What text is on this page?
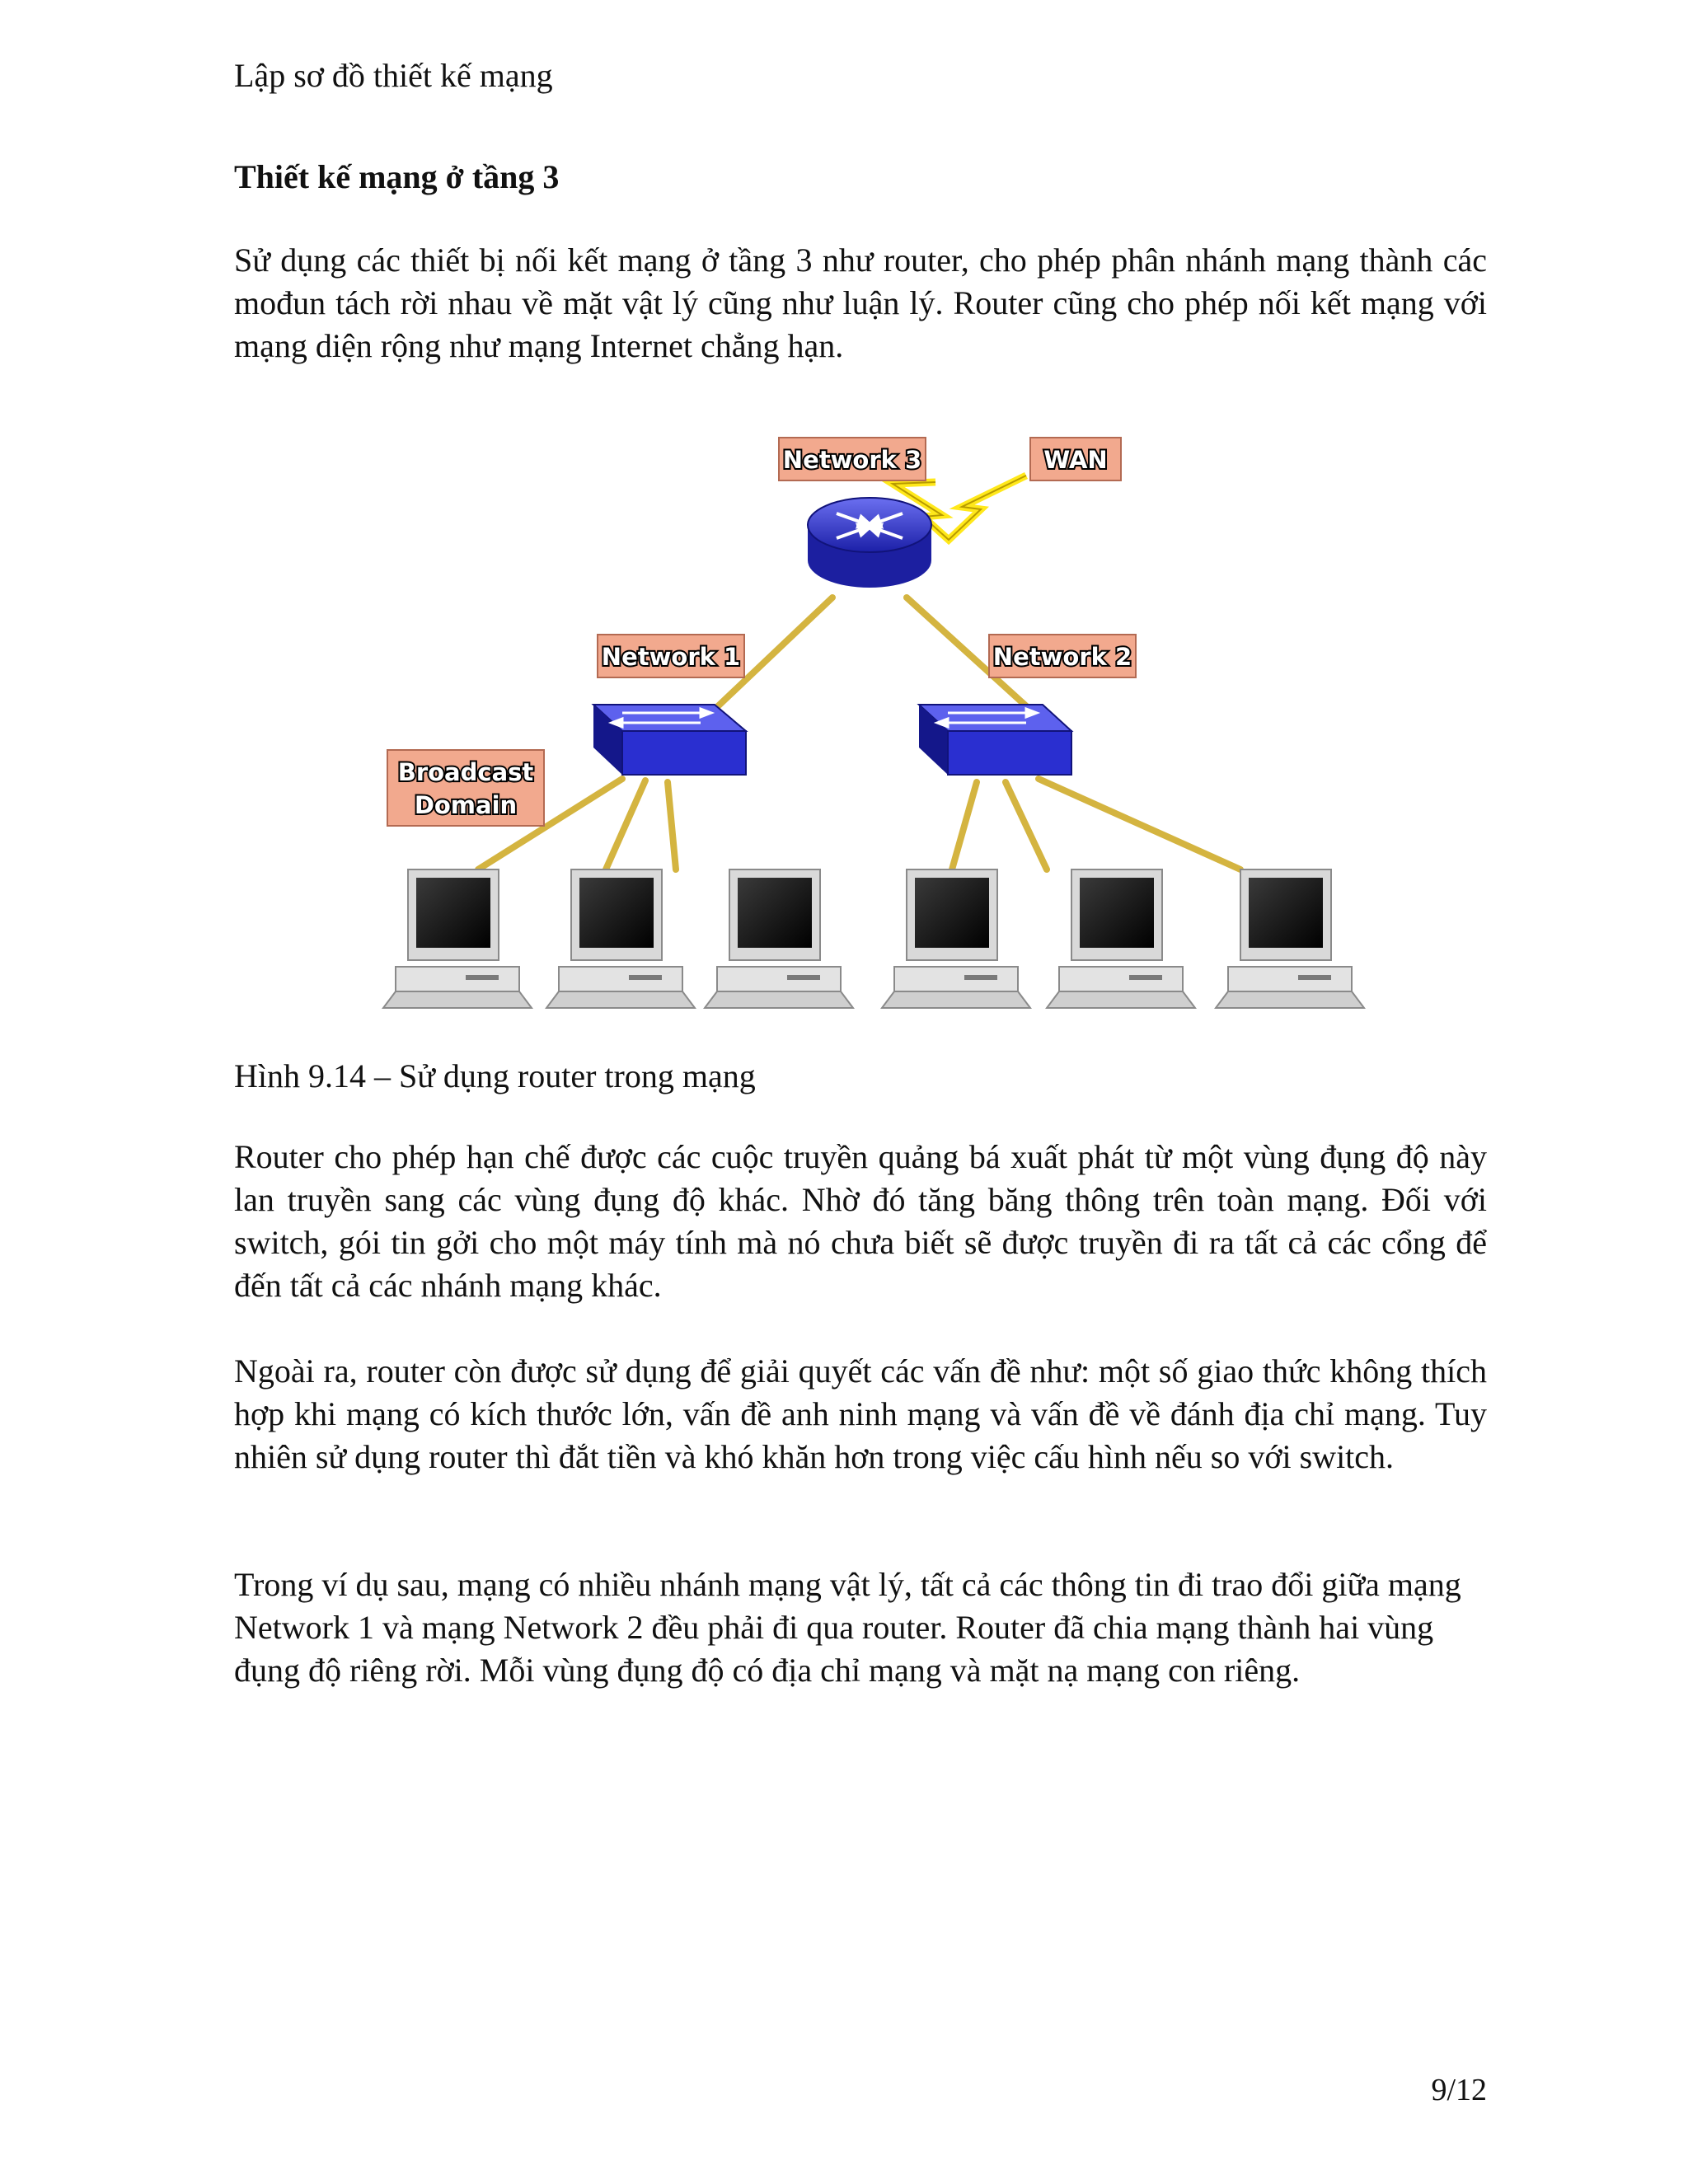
Lập sơ đồ thiết kế mạng

Thiết kế mạng ở tầng 3

Sử dụng các thiết bị nối kết mạng ở tầng 3 như router, cho phép phân nhánh mạng thành các mođun tách rời nhau về mặt vật lý cũng như luận lý. Router cũng cho phép nối kết mạng với mạng diện rộng như mạng Internet chẳng hạn.

Network 3	WAN
Network 1	Network 2
Broadcast
Domain

Hình 9.14 – Sử dụng router trong mạng

Router cho phép hạn chế được các cuộc truyền quảng bá xuất phát từ một vùng đụng độ này lan truyền sang các vùng đụng độ khác. Nhờ đó tăng băng thông trên toàn mạng. Đối với switch, gói tin gởi cho một máy tính mà nó chưa biết sẽ được truyền đi ra tất cả các cổng để đến tất cả các nhánh mạng khác.

Ngoài ra, router còn được sử dụng để giải quyết các vấn đề như: một số giao thức không thích hợp khi mạng có kích thước lớn, vấn đề anh ninh mạng và vấn đề về đánh địa chỉ mạng. Tuy nhiên sử dụng router thì đắt tiền và khó khăn hơn trong việc cấu hình nếu so với switch.

Trong ví dụ sau, mạng có nhiều nhánh mạng vật lý, tất cả các thông tin đi trao đổi giữa mạng Network 1 và mạng Network 2 đều phải đi qua router. Router đã chia mạng thành hai vùng đụng độ riêng rời. Mỗi vùng đụng độ có địa chỉ mạng và mặt nạ mạng con riêng.

9/12
